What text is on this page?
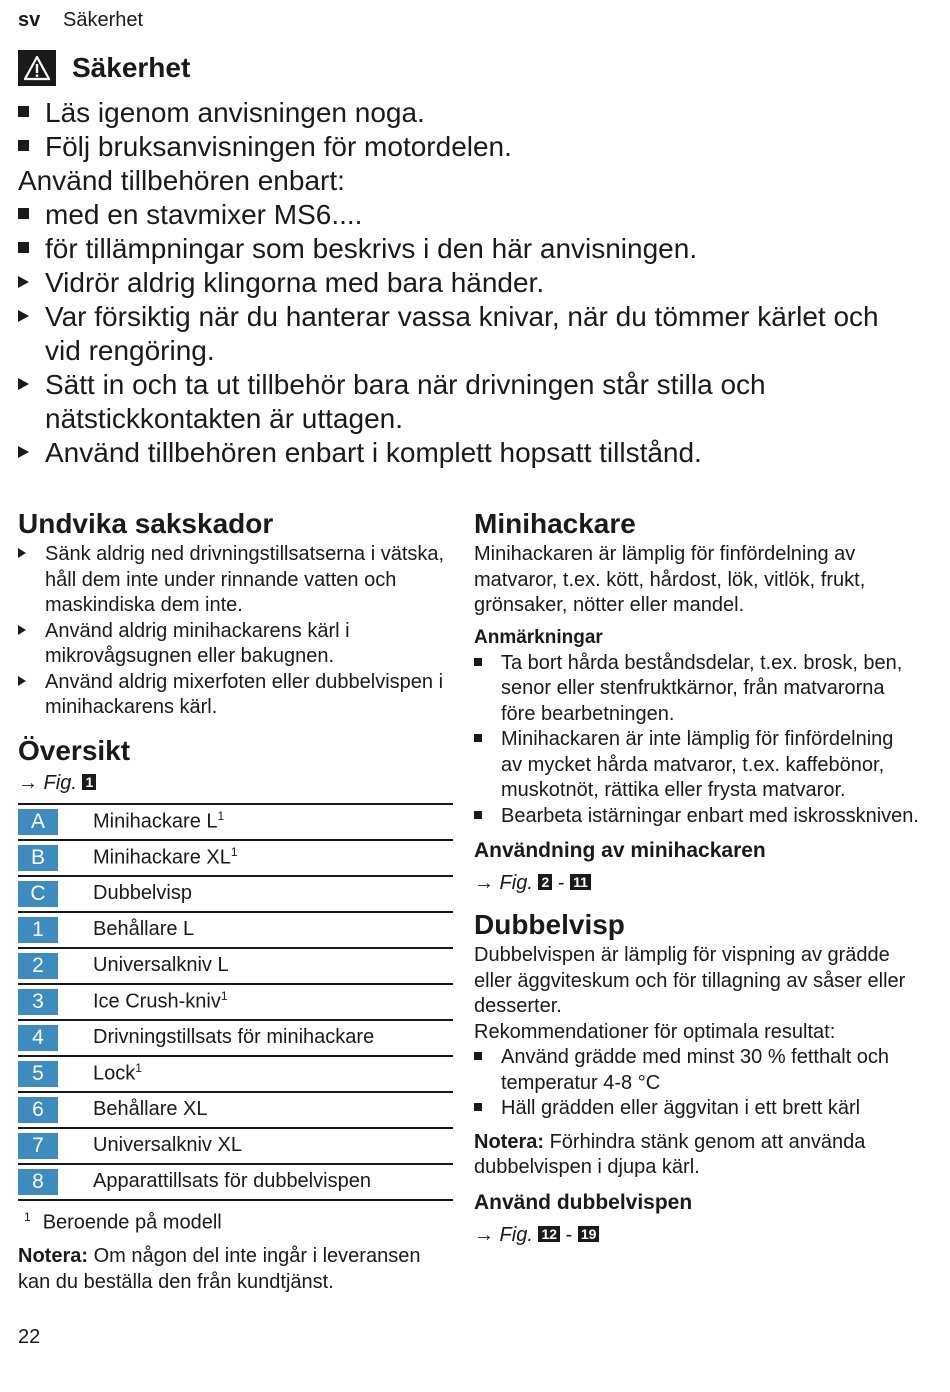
sv Säkerhet
Säkerhet
Läs igenom anvisningen noga.
Följ bruksanvisningen för motordelen.
Använd tillbehören enbart:
med en stavmixer MS6....
för tillämpningar som beskrivs i den här anvisningen.
Vidrör aldrig klingorna med bara händer.
Var försiktig när du hanterar vassa knivar, när du tömmer kärlet och vid rengöring.
Sätt in och ta ut tillbehör bara när drivningen står stilla och nätstickkontakten är uttagen.
Använd tillbehören enbart i komplett hopsatt tillstånd.
Undvika sakskador
Sänk aldrig ned drivningstillsatserna i vätska, håll dem inte under rinnande vatten och maskindiska dem inte.
Använd aldrig minihackarens kärl i mikrovågsugnen eller bakugnen.
Använd aldrig mixerfoten eller dubbelvispen i minihackarens kärl.
Översikt
→ Fig. 1
A	Minihackare $L^1$
B	Minihackare $XL^1$
C	Dubbelvisp
1	Behållare L
2	Universalkniv L
3	Ice Crush-kniv$^1$
4	Drivningstillsats för minihackare
5	Lock$^1$
6	Behållare XL
7	Universalkniv XL
8	Apparattillsats för dubbelvispen
$^1$ Beroende på modell

Notera: Om någon del inte ingår i leveransen kan du beställa den från kundtjänst.

Minihackare

Minihackaren är lämplig för finfördelning av matvaror, t.ex. kött, hårdost, lök, vitlök, frukt, grönsaker, nötter eller mandel.

Anmärkningar
Ta bort hårda beståndsdelar, t.ex. brosk, ben, senor eller stenfruktkärnor, från matvarorna före bearbetningen.
Minihackaren är inte lämplig för finfördelning av mycket hårda matvaror, t.ex. kaffebönor, muskotnöt, rättika eller frysta matvaror.
Bearbeta istärningar enbart med iskrosskniven.
Användning av minihackaren
→ Fig. 2 - 11
Dubbelvisp

Dubbelvispen är lämplig för vispning av grädde eller äggviteskum och för tillagning av såser eller desserter.

Rekommendationer för optimala resultat:

Använd grädde med minst 30 % fetthalt och temperatur 4-8 °C
Häll grädden eller äggvitan i ett brett kärl

Notera: Förhindra stänk genom att använda dubbelvispen i djupa kärl.

Använd dubbelvispen
→ Fig. 12 - 19
22
